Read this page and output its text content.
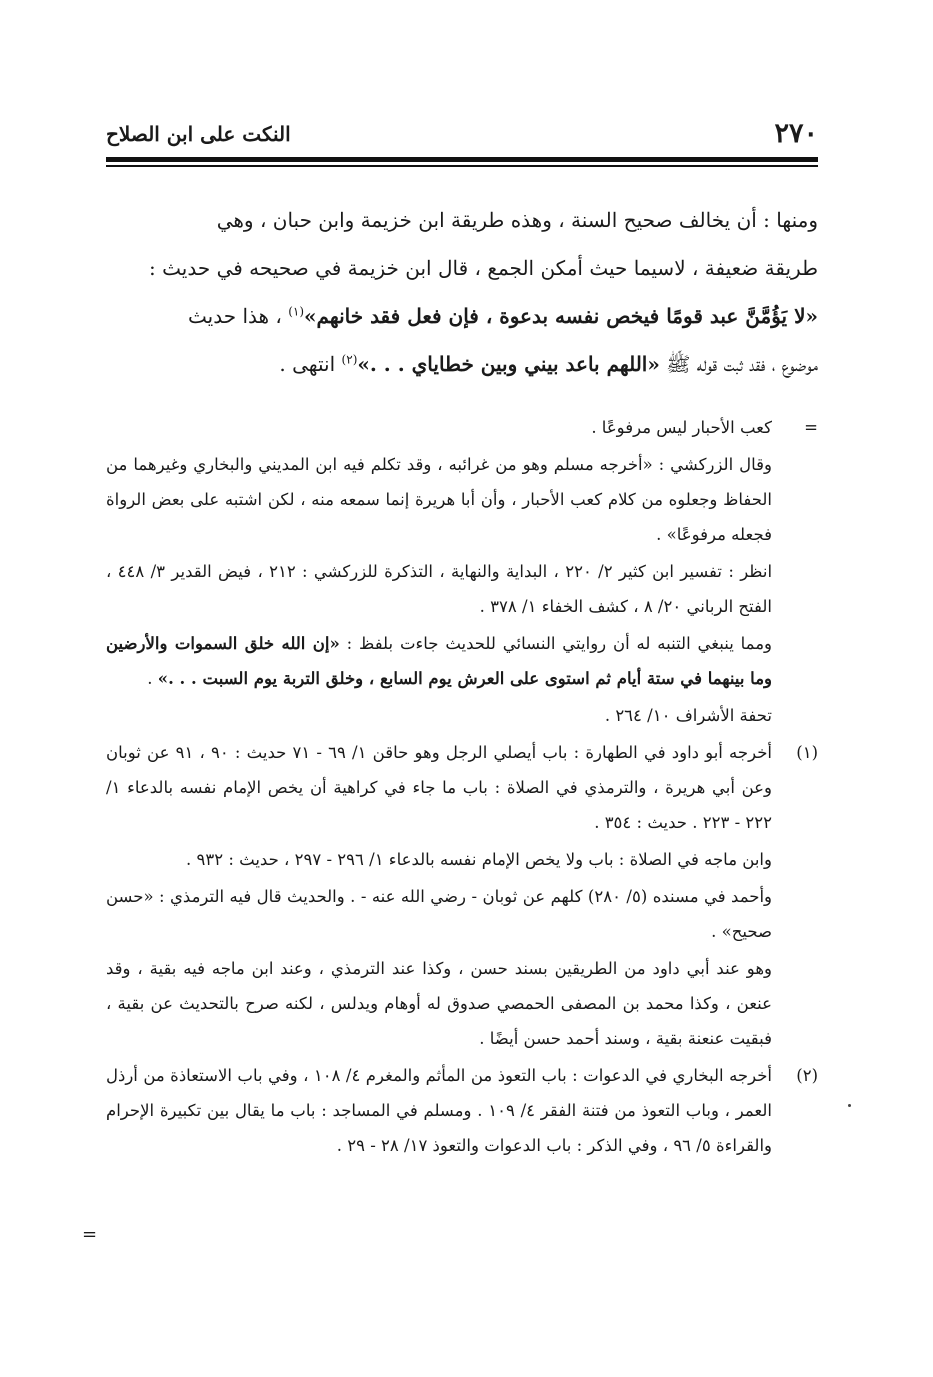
٢٧٠
النكت على ابن الصلاح

ومنها : أن يخالف صحيح السنة ، وهذه طريقة ابن خزيمة وابن حبان ، وهي

طريقة ضعيفة ، لاسيما حيث أمكن الجمع ، قال ابن خزيمة في صحيحه في حديث :

«لا يَؤُمَّنَّ عبد قومًا فيخص نفسه بدعوة ، فإن فعل فقد خانهم»$^{(١)}$ ، هذا حديث

موضوع ، فقد ثبت قوله ﷺ «اللهم باعد بيني وبين خطاياي . . .»$^{(٢)}$ انتهى .

=

كعب الأحبار ليس مرفوعًا .

وقال الزركشي : «أخرجه مسلم وهو من غرائبه ، وقد تكلم فيه ابن المديني والبخاري وغيرهما من الحفاظ وجعلوه من كلام كعب الأحبار ، وأن أبا هريرة إنما سمعه منه ، لكن اشتبه على بعض الرواة فجعله مرفوعًا» .

انظر : تفسير ابن كثير ٢/ ٢٢٠ ، البداية والنهاية ، التذكرة للزركشي : ٢١٢ ، فيض القدير ٣/ ٤٤٨ ، الفتح الرباني ٢٠/ ٨ ، كشف الخفاء ١/ ٣٧٨ .

ومما ينبغي التنبه له أن روايتي النسائي للحديث جاءت بلفظ : «إن الله خلق السموات والأرضين وما بينهما في ستة أيام ثم استوى على العرش يوم السابع ، وخلق التربة يوم السبت . . .» .

تحفة الأشراف ١٠/ ٢٦٤ .

(١)

أخرجه أبو داود في الطهارة : باب أيصلي الرجل وهو حاقن ١/ ٦٩ - ٧١ حديث : ٩٠ ، ٩١ عن ثوبان وعن أبي هريرة ، والترمذي في الصلاة : باب ما جاء في كراهية أن يخص الإمام نفسه بالدعاء ١/ ٢٢٢ - ٢٢٣ . حديث : ٣٥٤ .

وابن ماجه في الصلاة : باب ولا يخص الإمام نفسه بالدعاء ١/ ٢٩٦ - ٢٩٧ ، حديث : ٩٣٢ .

وأحمد في مسنده (٥/ ٢٨٠) كلهم عن ثوبان - رضي الله عنه - . والحديث قال فيه الترمذي : «حسن صحيح» .

وهو عند أبي داود من الطريقين بسند حسن ، وكذا عند الترمذي ، وعند ابن ماجه فيه بقية ، وقد عنعن ، وكذا محمد بن المصفى الحمصي صدوق له أوهام ويدلس ، لكنه صرح بالتحديث عن بقية ، فبقيت عنعنة بقية ، وسند أحمد حسن أيضًا .

(٢)

أخرجه البخاري في الدعوات : باب التعوذ من المأثم والمغرم ٤/ ١٠٨ ، وفي باب الاستعاذة من أرذل العمر ، وباب التعوذ من فتنة الفقر ٤/ ١٠٩ . ومسلم في المساجد : باب ما يقال بين تكبيرة الإحرام والقراءة ٥/ ٩٦ ، وفي الذكر : باب الدعوات والتعوذ ١٧/ ٢٨ - ٢٩ .

=
